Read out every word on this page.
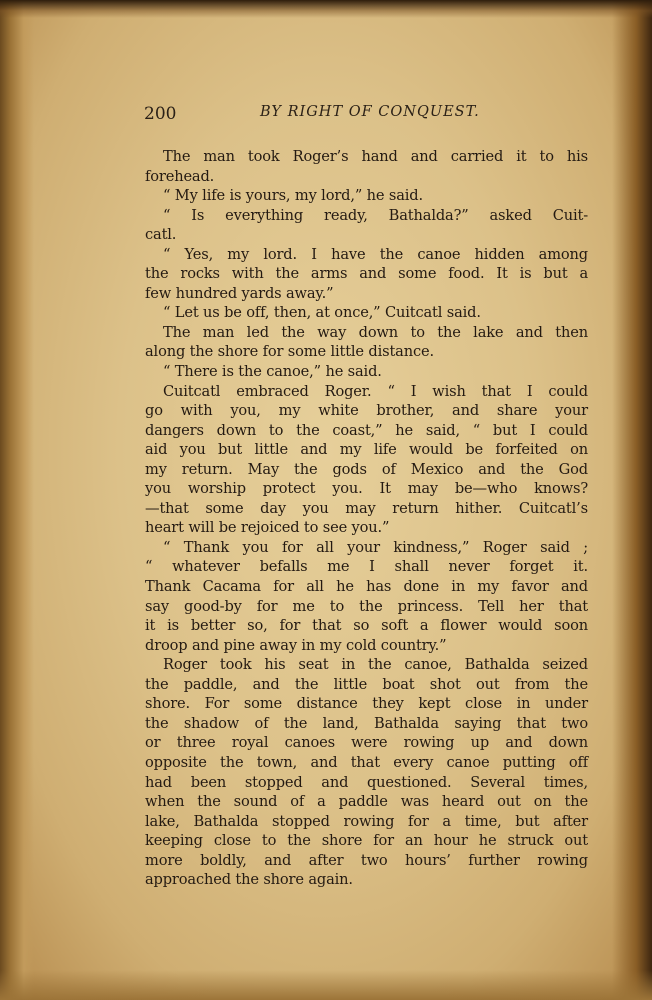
200	BY RIGHT OF CONQUEST.
The man took Roger’s hand and carried it to his
forehead.
“ My life is yours, my lord,” he said.
“ Is everything ready, Bathalda?” asked Cuit-
catl.
“ Yes, my lord. I have the canoe hidden among
the rocks with the arms and some food. It is but a
few hundred yards away.”
“ Let us be off, then, at once,” Cuitcatl said.
The man led the way down to the lake and then
along the shore for some little distance.
“ There is the canoe,” he said.
Cuitcatl embraced Roger. “ I wish that I could
go with you, my white brother, and share your
dangers down to the coast,” he said, “ but I could
aid you but little and my life would be forfeited on
my return. May the gods of Mexico and the God
you worship protect you. It may be—who knows?
—that some day you may return hither. Cuitcatl’s
heart will be rejoiced to see you.”
“ Thank you for all your kindness,” Roger said ;
“ whatever befalls me I shall never forget it.
Thank Cacama for all he has done in my favor and
say good-by for me to the princess. Tell her that
it is better so, for that so soft a flower would soon
droop and pine away in my cold country.”
Roger took his seat in the canoe, Bathalda seized
the paddle, and the little boat shot out from the
shore. For some distance they kept close in under
the shadow of the land, Bathalda saying that two
or three royal canoes were rowing up and down
opposite the town, and that every canoe putting off
had been stopped and questioned. Several times,
when the sound of a paddle was heard out on the
lake, Bathalda stopped rowing for a time, but after
keeping close to the shore for an hour he struck out
more boldly, and after two hours’ further rowing
approached the shore again.
